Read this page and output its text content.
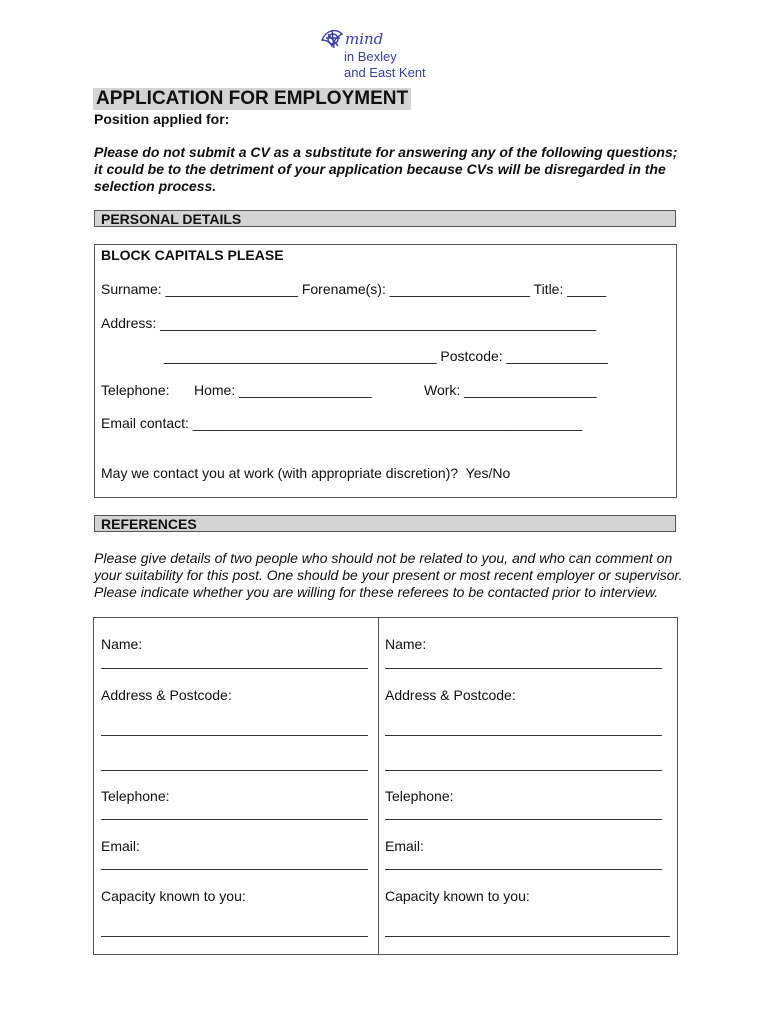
mind
in Bexley
and East Kent
APPLICATION FOR EMPLOYMENT
Position applied for:
Please do not submit a CV as a substitute for answering any of the following questions; it could be to the detriment of your application because CVs will be disregarded in the selection process.
PERSONAL DETAILS
BLOCK CAPITALS PLEASE
Surname: _________________ Forename(s): __________________ Title: _____
Address: ________________________________________________________
___________________________________ Postcode: _____________
Telephone: Home: _________________	Work: _________________
Email contact: __________________________________________________
May we contact you at work (with appropriate discretion)?  Yes/No
REFERENCES
Please give details of two people who should not be related to you, and who can comment on your suitability for this post. One should be your present or most recent employer or supervisor. Please indicate whether you are willing for these referees to be contacted prior to interview.
Name:
Address & Postcode:
Telephone:
Email:
Capacity known to you:
Name:
Address & Postcode:
Telephone:
Email:
Capacity known to you:
